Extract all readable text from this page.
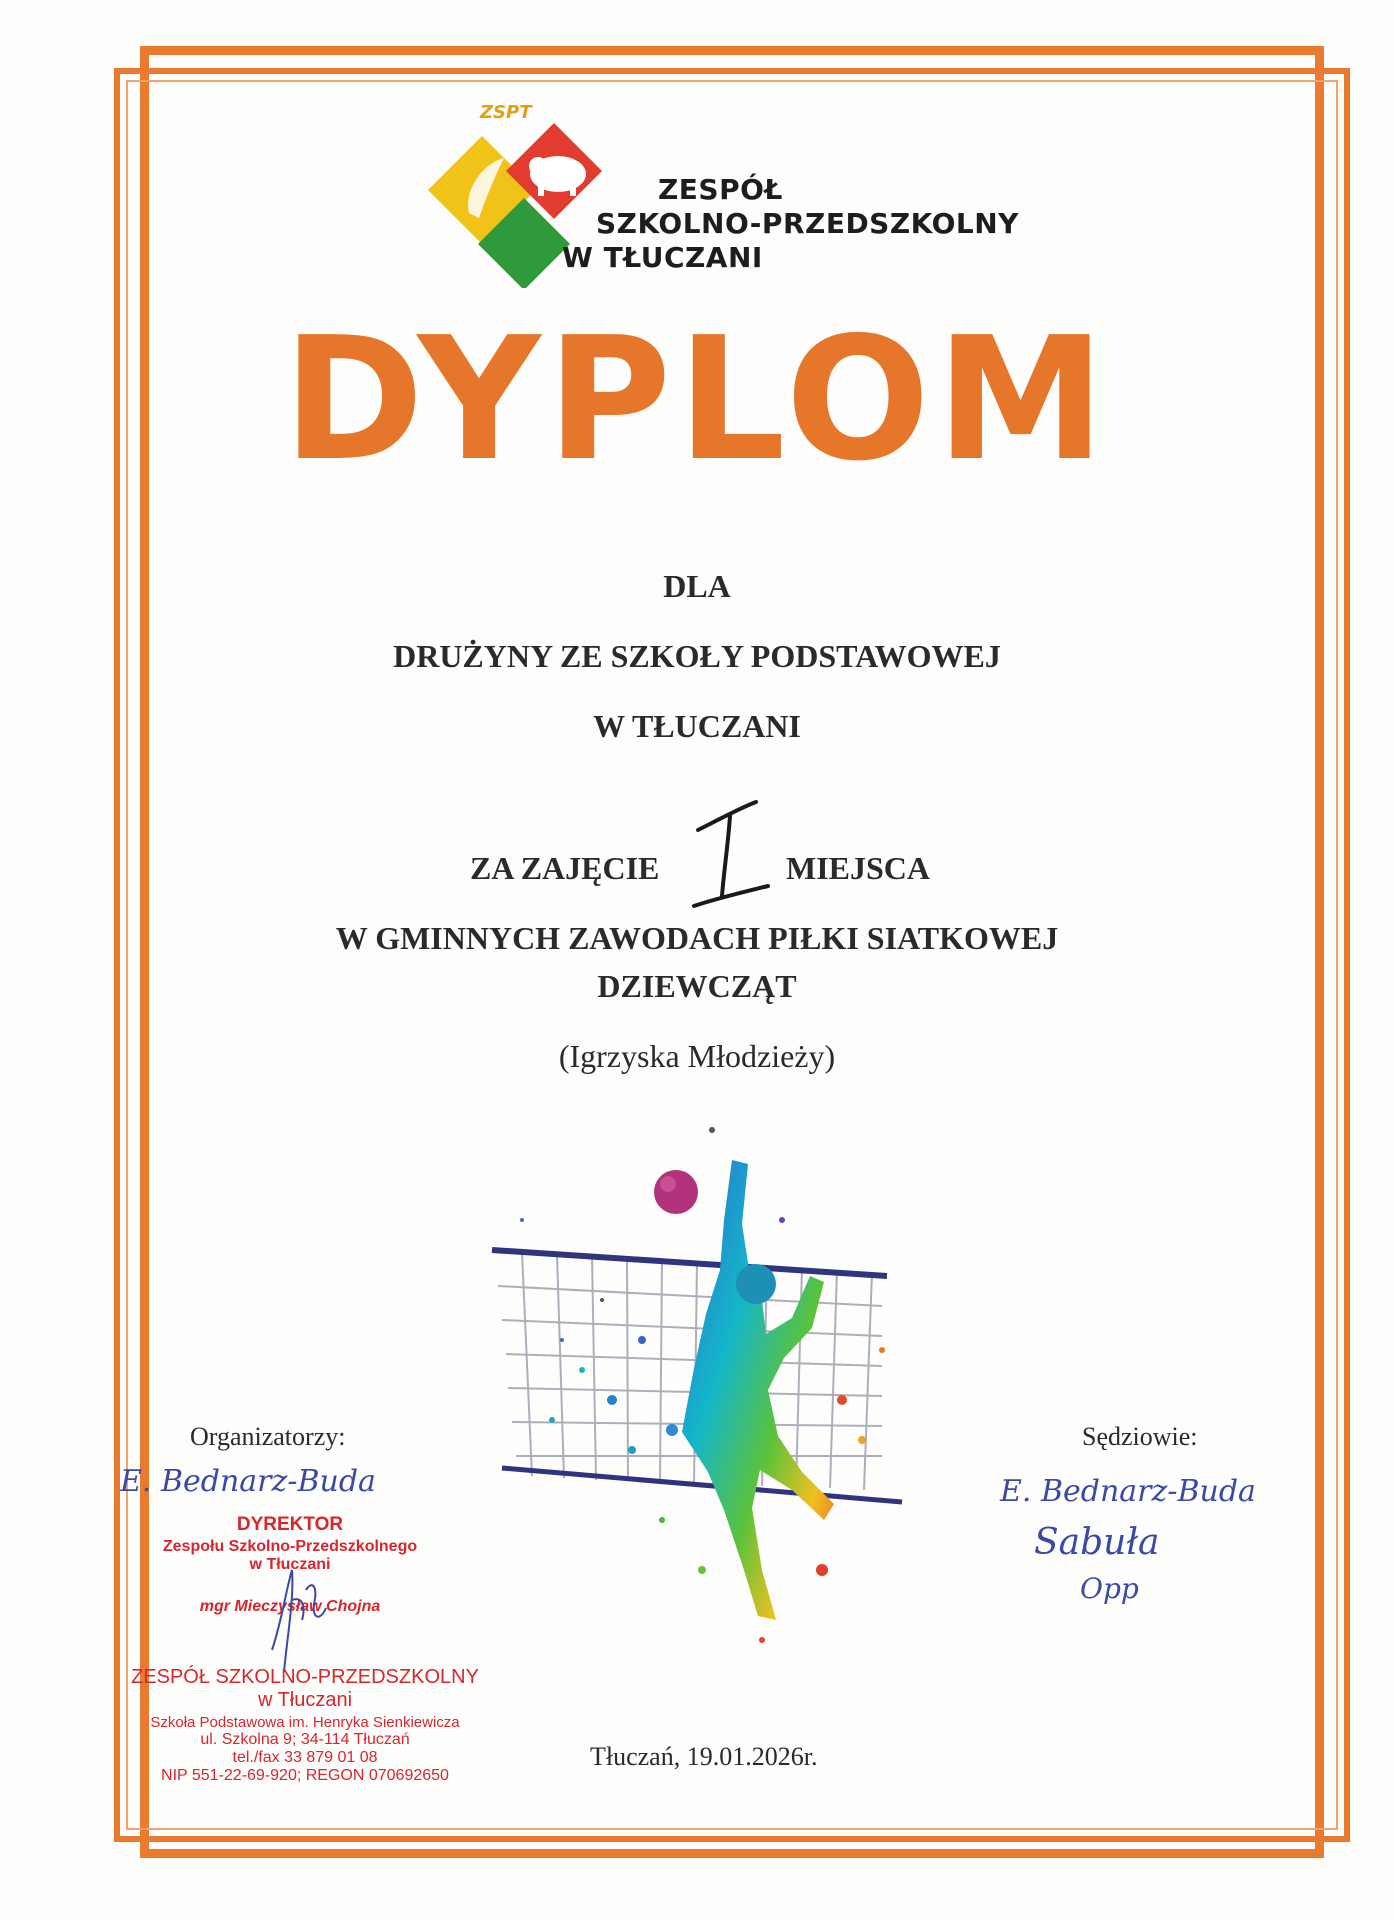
ZSPT
ZESPÓŁ
SZKOLNO-PRZEDSZKOLNY
W TŁUCZANI
DYPLOM
DLA
DRUŻYNY ZE SZKOŁY PODSTAWOWEJ
W TŁUCZANI
ZA ZAJĘCIE	MIEJSCA
W GMINNYCH ZAWODACH PIŁKI SIATKOWEJ
DZIEWCZĄT
(Igrzyska Młodzieży)
Organizatorzy:
E. Bednarz-Buda
DYREKTOR
Zespołu Szkolno-Przedszkolnego
w Tłuczani
mgr Mieczysław Chojna
ZESPÓŁ SZKOLNO-PRZEDSZKOLNY
w Tłuczani
Szkoła Podstawowa im. Henryka Sienkiewicza
ul. Szkolna 9; 34-114 Tłuczań
tel./fax 33 879 01 08
NIP 551-22-69-920; REGON 070692650
Sędziowie:
E. Bednarz-Buda
Sabuła
Opp
Tłuczań, 19.01.2026r.
